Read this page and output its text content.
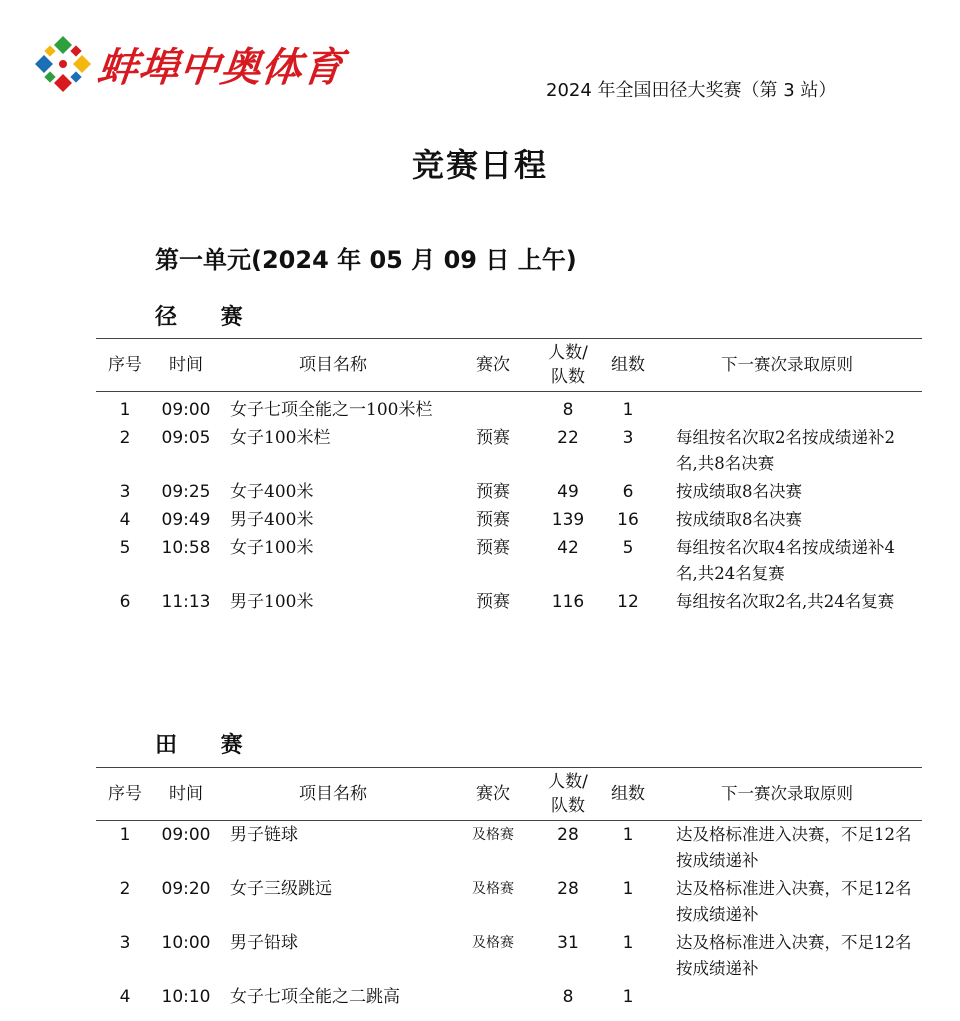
蚌埠中奥体育	2024 年全国田径大奖赛（第 3 站）
竞赛日程
第一单元(2024 年 05 月 09 日 上午)
径 赛
序号	时间	项目名称	赛次	人数/
队数	组数	下一赛次录取原则
1	09:00	女子七项全能之一100米栏		8	1	
2	09:05	女子100米栏	预赛	22	3	每组按名次取2名按成绩递补2名,共8名决赛
3	09:25	女子400米	预赛	49	6	按成绩取8名决赛
4	09:49	男子400米	预赛	139	16	按成绩取8名决赛
5	10:58	女子100米	预赛	42	5	每组按名次取4名按成绩递补4名,共24名复赛
6	11:13	男子100米	预赛	116	12	每组按名次取2名,共24名复赛
田 赛
序号	时间	项目名称	赛次	人数/
队数	组数	下一赛次录取原则
1	09:00	男子链球	及格赛	28	1	达及格标准进入决赛，不足12名按成绩递补
2	09:20	女子三级跳远	及格赛	28	1	达及格标准进入决赛，不足12名按成绩递补
3	10:00	男子铅球	及格赛	31	1	达及格标准进入决赛，不足12名按成绩递补
4	10:10	女子七项全能之二跳高		8	1	
